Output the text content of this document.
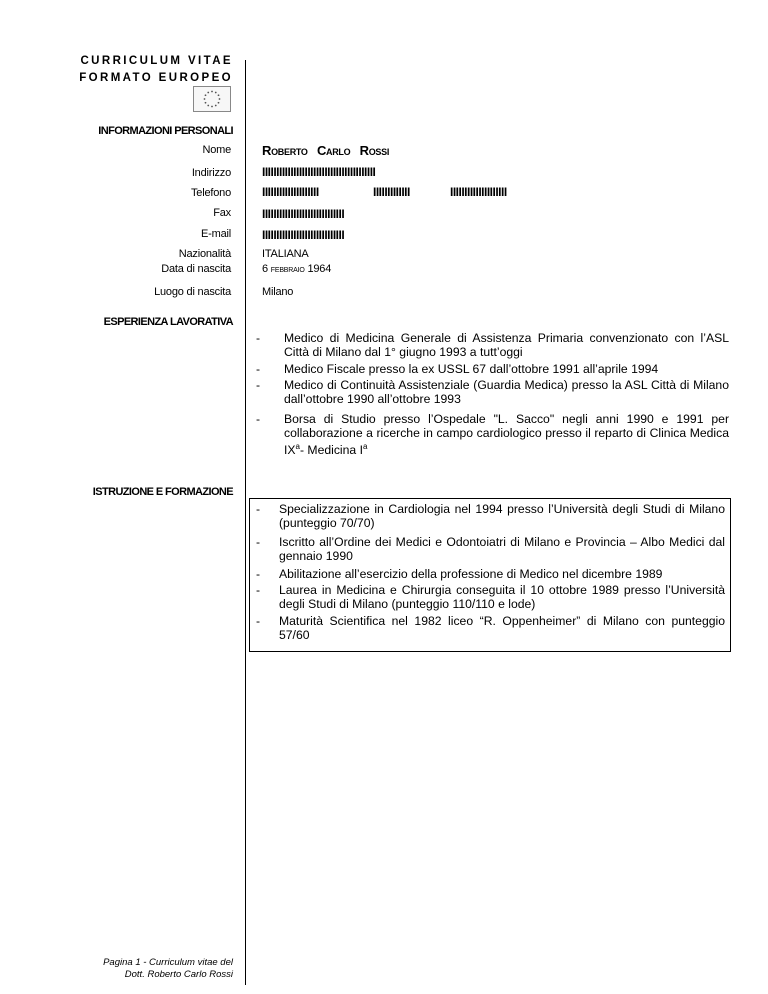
CURRICULUM VITAE
FORMATO EUROPEO
INFORMAZIONI PERSONALI
Nome Roberto Carlo Rossi
Indirizzo	IIIIIIIIIIIIIIIIIIIIIIIIIIIIIIIIIIIIIIII
Telefono	IIIIIIIIIIIIIIIIIIII	IIIIIIIIIIIII	IIIIIIIIIIIIIIIIIIII
Fax	IIIIIIIIIIIIIIIIIIIIIIIIIIIII
E-mail	IIIIIIIIIIIIIIIIIIIIIIIIIIIII
Nazionalità	ITALIANA
Data di nascita	6 febbraio 1964
Luogo di nascita	Milano
ESPERIENZA LAVORATIVA
- Medico di Medicina Generale di Assistenza Primaria convenzionato con l’ASL Città di Milano dal 1° giugno 1993 a tutt’oggi
- Medico Fiscale presso la ex USSL 67 dall’ottobre 1991 all’aprile 1994
- Medico di Continuità Assistenziale (Guardia Medica) presso la ASL Città di Milano dall’ottobre 1990 all’ottobre 1993
- Borsa di Studio presso l’Ospedale "L. Sacco" negli anni 1990 e 1991 per collaborazione a ricerche in campo cardiologico presso il reparto di Clinica Medica $IX^a-$ Medicina $I^a$
ISTRUZIONE E FORMAZIONE
- Specializzazione in Cardiologia nel 1994 presso l’Università degli Studi di Milano (punteggio 70/70)
- Iscritto all’Ordine dei Medici e Odontoiatri di Milano e Provincia – Albo Medici dal gennaio 1990
- Abilitazione all’esercizio della professione di Medico nel dicembre 1989
- Laurea in Medicina e Chirurgia conseguita il 10 ottobre 1989 presso l’Università degli Studi di Milano (punteggio 110/110 e lode)
- Maturità Scientifica nel 1982 liceo “R. Oppenheimer” di Milano con punteggio 57/60
Pagina 1 - Curriculum vitae del
Dott. Roberto Carlo Rossi
